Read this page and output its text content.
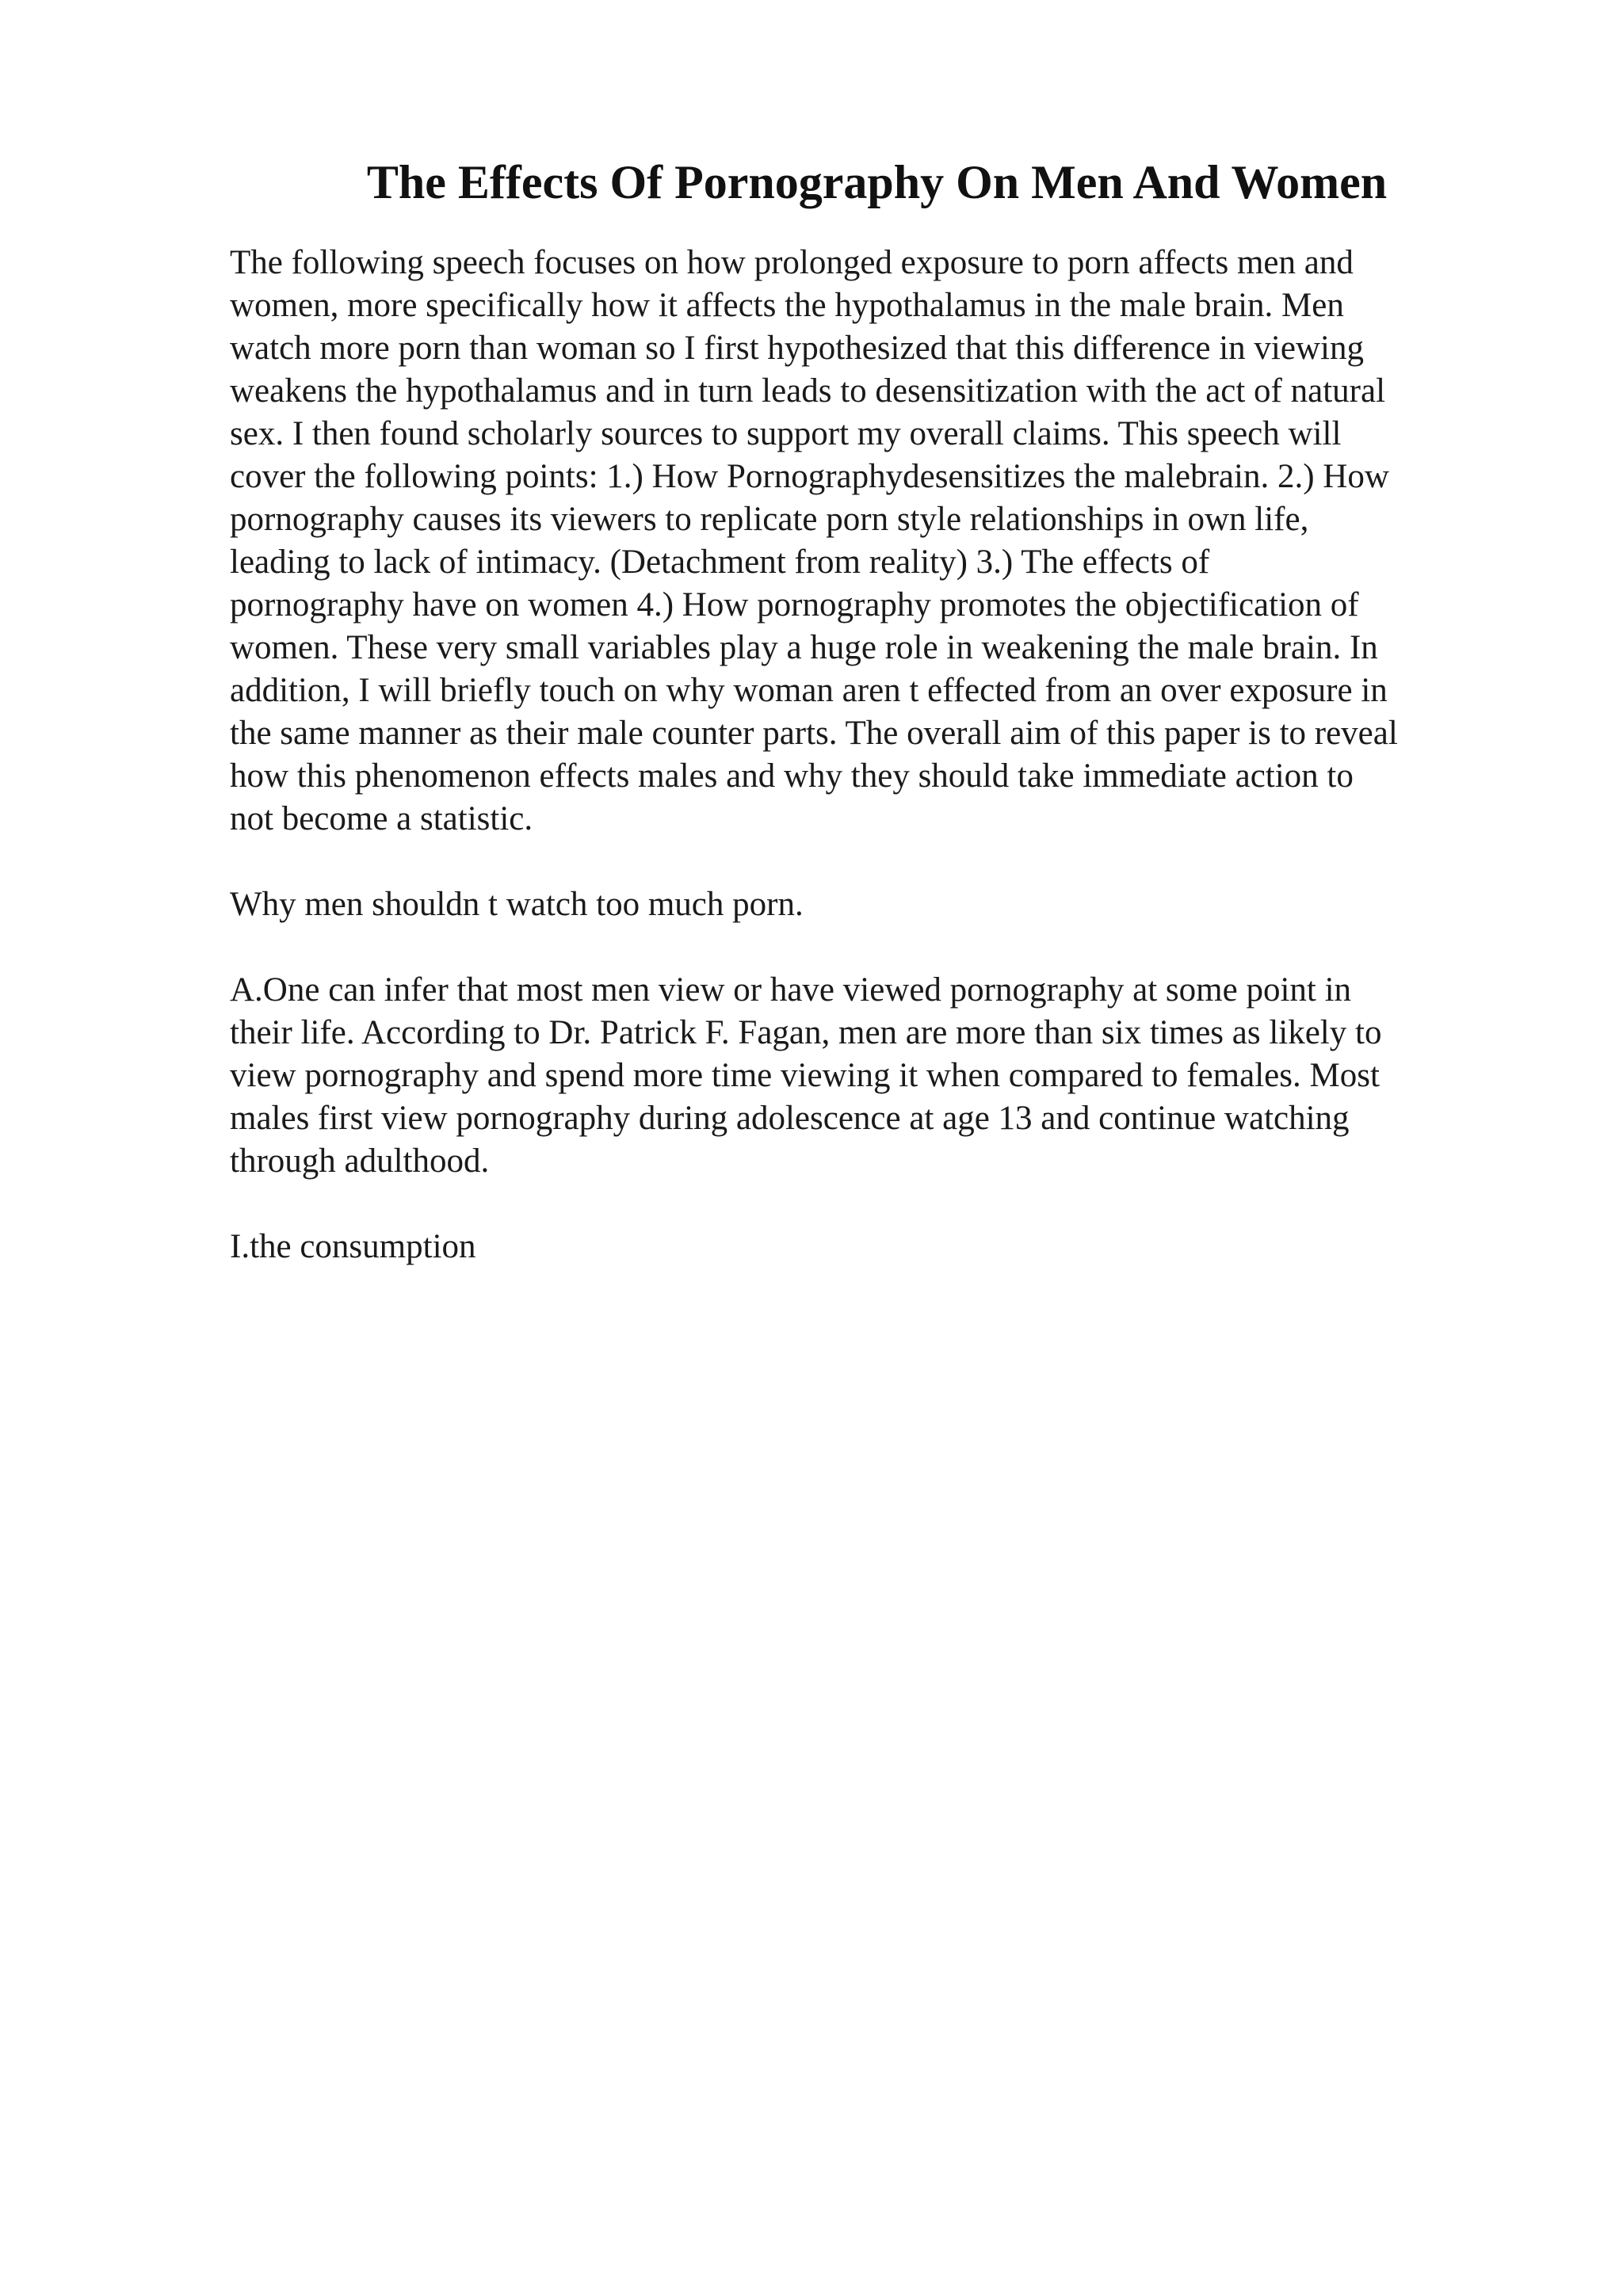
The Effects Of Pornography On Men And Women

The following speech focuses on how prolonged exposure to porn affects men and
women, more specifically how it affects the hypothalamus in the male brain. Men
watch more porn than woman so I first hypothesized that this difference in viewing
weakens the hypothalamus and in turn leads to desensitization with the act of natural
sex. I then found scholarly sources to support my overall claims. This speech will
cover the following points: 1.) How Pornographydesensitizes the malebrain. 2.) How
pornography causes its viewers to replicate porn style relationships in own life,
leading to lack of intimacy. (Detachment from reality) 3.) The effects of
pornography have on women 4.) How pornography promotes the objectification of
women. These very small variables play a huge role in weakening the male brain. In
addition, I will briefly touch on why woman aren t effected from an over exposure in
the same manner as their male counter parts. The overall aim of this paper is to reveal
how this phenomenon effects males and why they should take immediate action to
not become a statistic.

Why men shouldn t watch too much porn.

A.One can infer that most men view or have viewed pornography at some point in
their life. According to Dr. Patrick F. Fagan, men are more than six times as likely to
view pornography and spend more time viewing it when compared to females. Most
males first view pornography during adolescence at age 13 and continue watching
through adulthood.

I.the consumption
